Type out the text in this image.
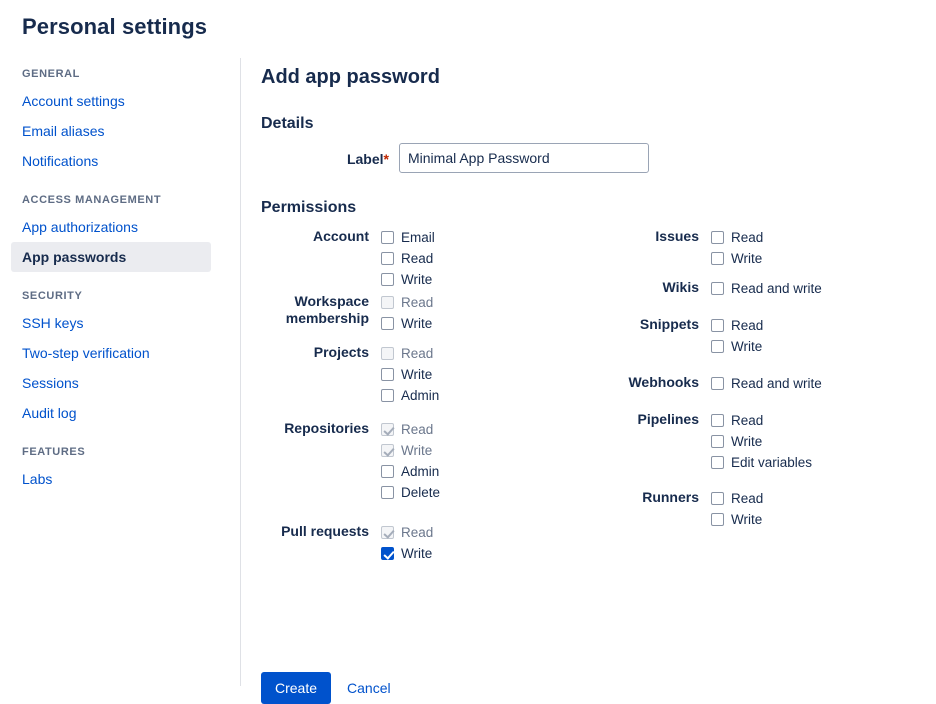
Personal settings
GENERAL
Account settings
Email aliases
Notifications
ACCESS MANAGEMENT
App authorizations
App passwords
SECURITY
SSH keys
Two-step verification
Sessions
Audit log
FEATURES
Labs
Add app password
Details
Label*
Minimal App Password
Permissions
Account	Email
Read
Write
Workspace
membership
Read
Write
Projects	Read
Write
Admin
Repositories	Read
Write
Admin
Delete
Pull requests	Read
Write
Issues	Read
Write
Wikis	Read and write
Snippets	Read
Write
Webhooks	Read and write
Pipelines	Read
Write
Edit variables
Runners	Read
Write
Create	Cancel
